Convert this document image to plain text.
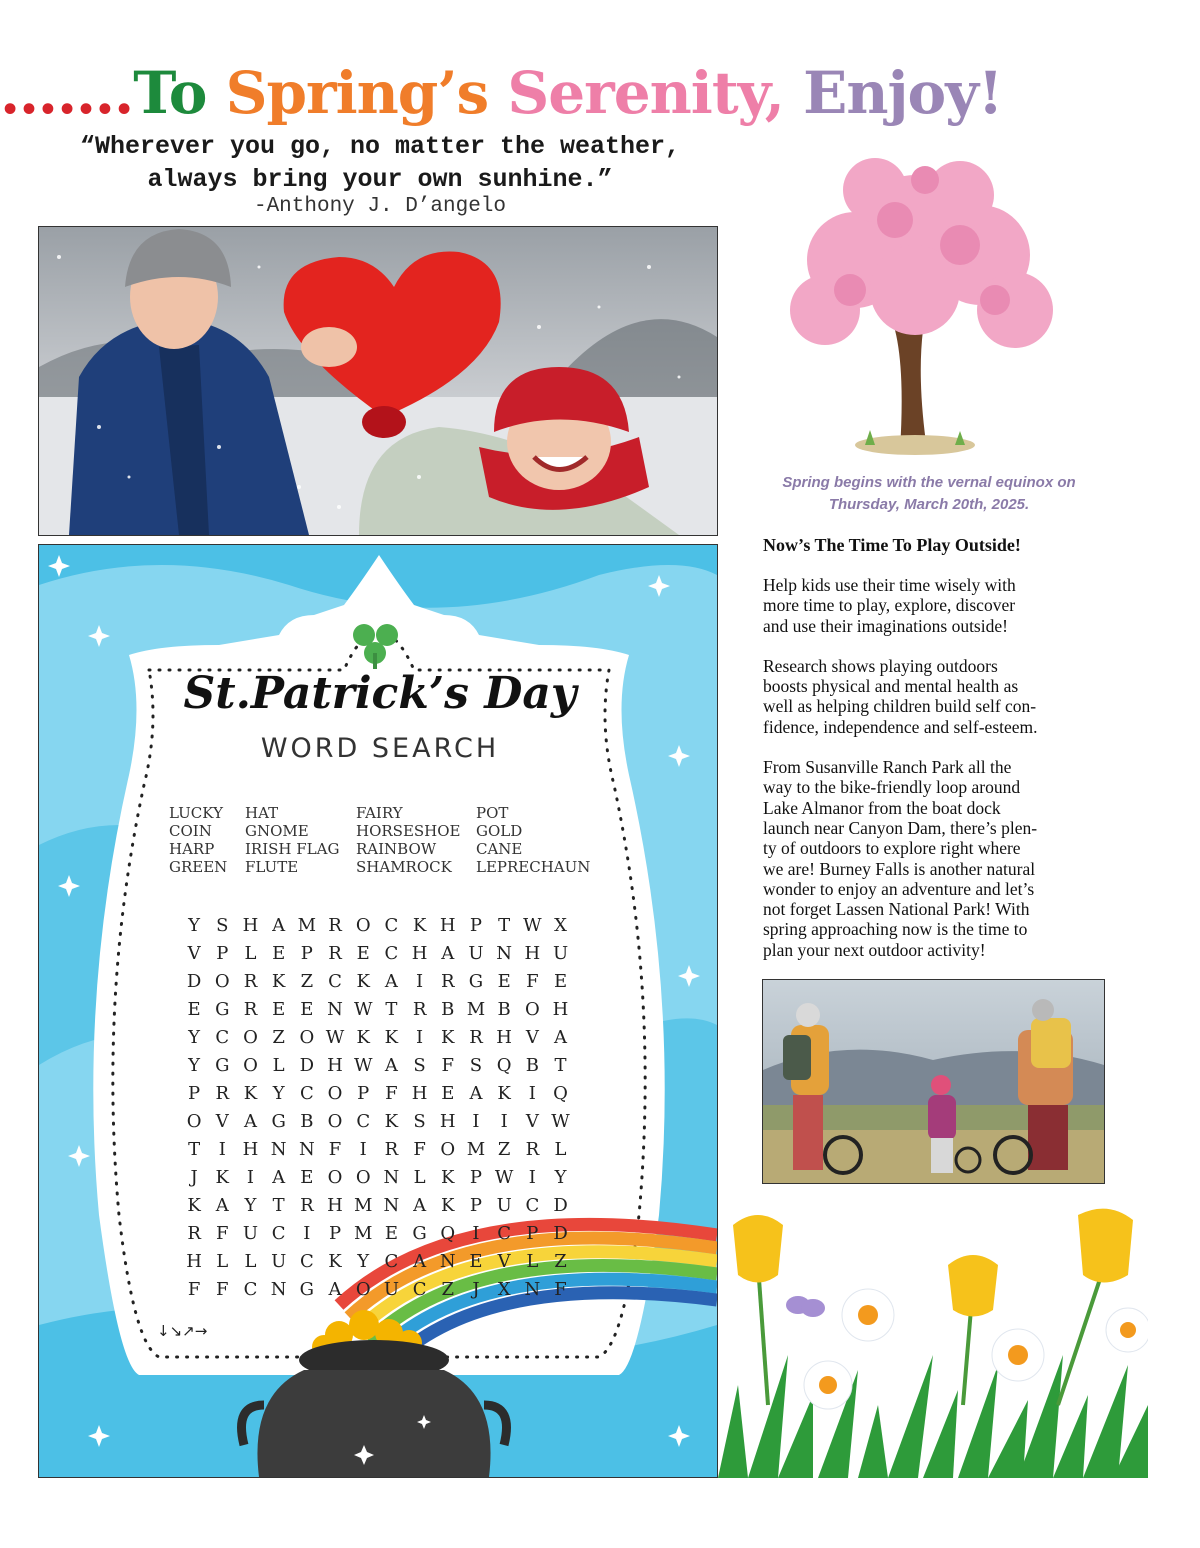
…….To Spring’s Serenity, Enjoy!
“Wherever you go, no matter the weather,
always bring your own sunhine.”
-Anthony J. D’angelo
Spring begins with the vernal equinox on
Thursday, March 20th, 2025.
Now’s The Time To Play Outside!

Help kids use their time wisely with
more time to play, explore, discover
and use their imaginations outside!

Research shows playing outdoors
boosts physical and mental health as
well as helping children build self con-
fidence, independence and self-esteem.

From Susanville Ranch Park all the
way to the bike-friendly loop around
Lake Almanor from the boat dock
launch near Canyon Dam, there’s plen-
ty of outdoors to explore right where
we are! Burney Falls is another natural
wonder to enjoy an adventure and let’s
not forget Lassen National Park! With
spring approaching now is the time to
plan your next outdoor activity!

St.Patrick’s Day
WORD SEARCH
LUCKY
COIN
HARP
GREEN
HAT
GNOME
IRISH FLAG
FLUTE
FAIRY
HORSESHOE
RAINBOW
SHAMROCK
POT
GOLD
CANE
LEPRECHAUN
Y S H A M R O C K H P T W X
V P L E P R E C H A U N H U
D O R K Z C K A I R G E F E
E G R E E N W T R B M B O H
Y C O Z O W K K I K R H V A
Y G O L D H W A S F S Q B T
P R K Y C O P F H E A K I Q
O V A G B O C K S H I I V W
T I H N N F I R F O M Z R L
J K I A E O O N L K P W I Y
K A Y T R H M N A K P U C D
R F U C I P M E G Q I C P D
H L L U C K Y C A N E V L Z
F F C N G A O U C Z J X N F
↓↘↗→
